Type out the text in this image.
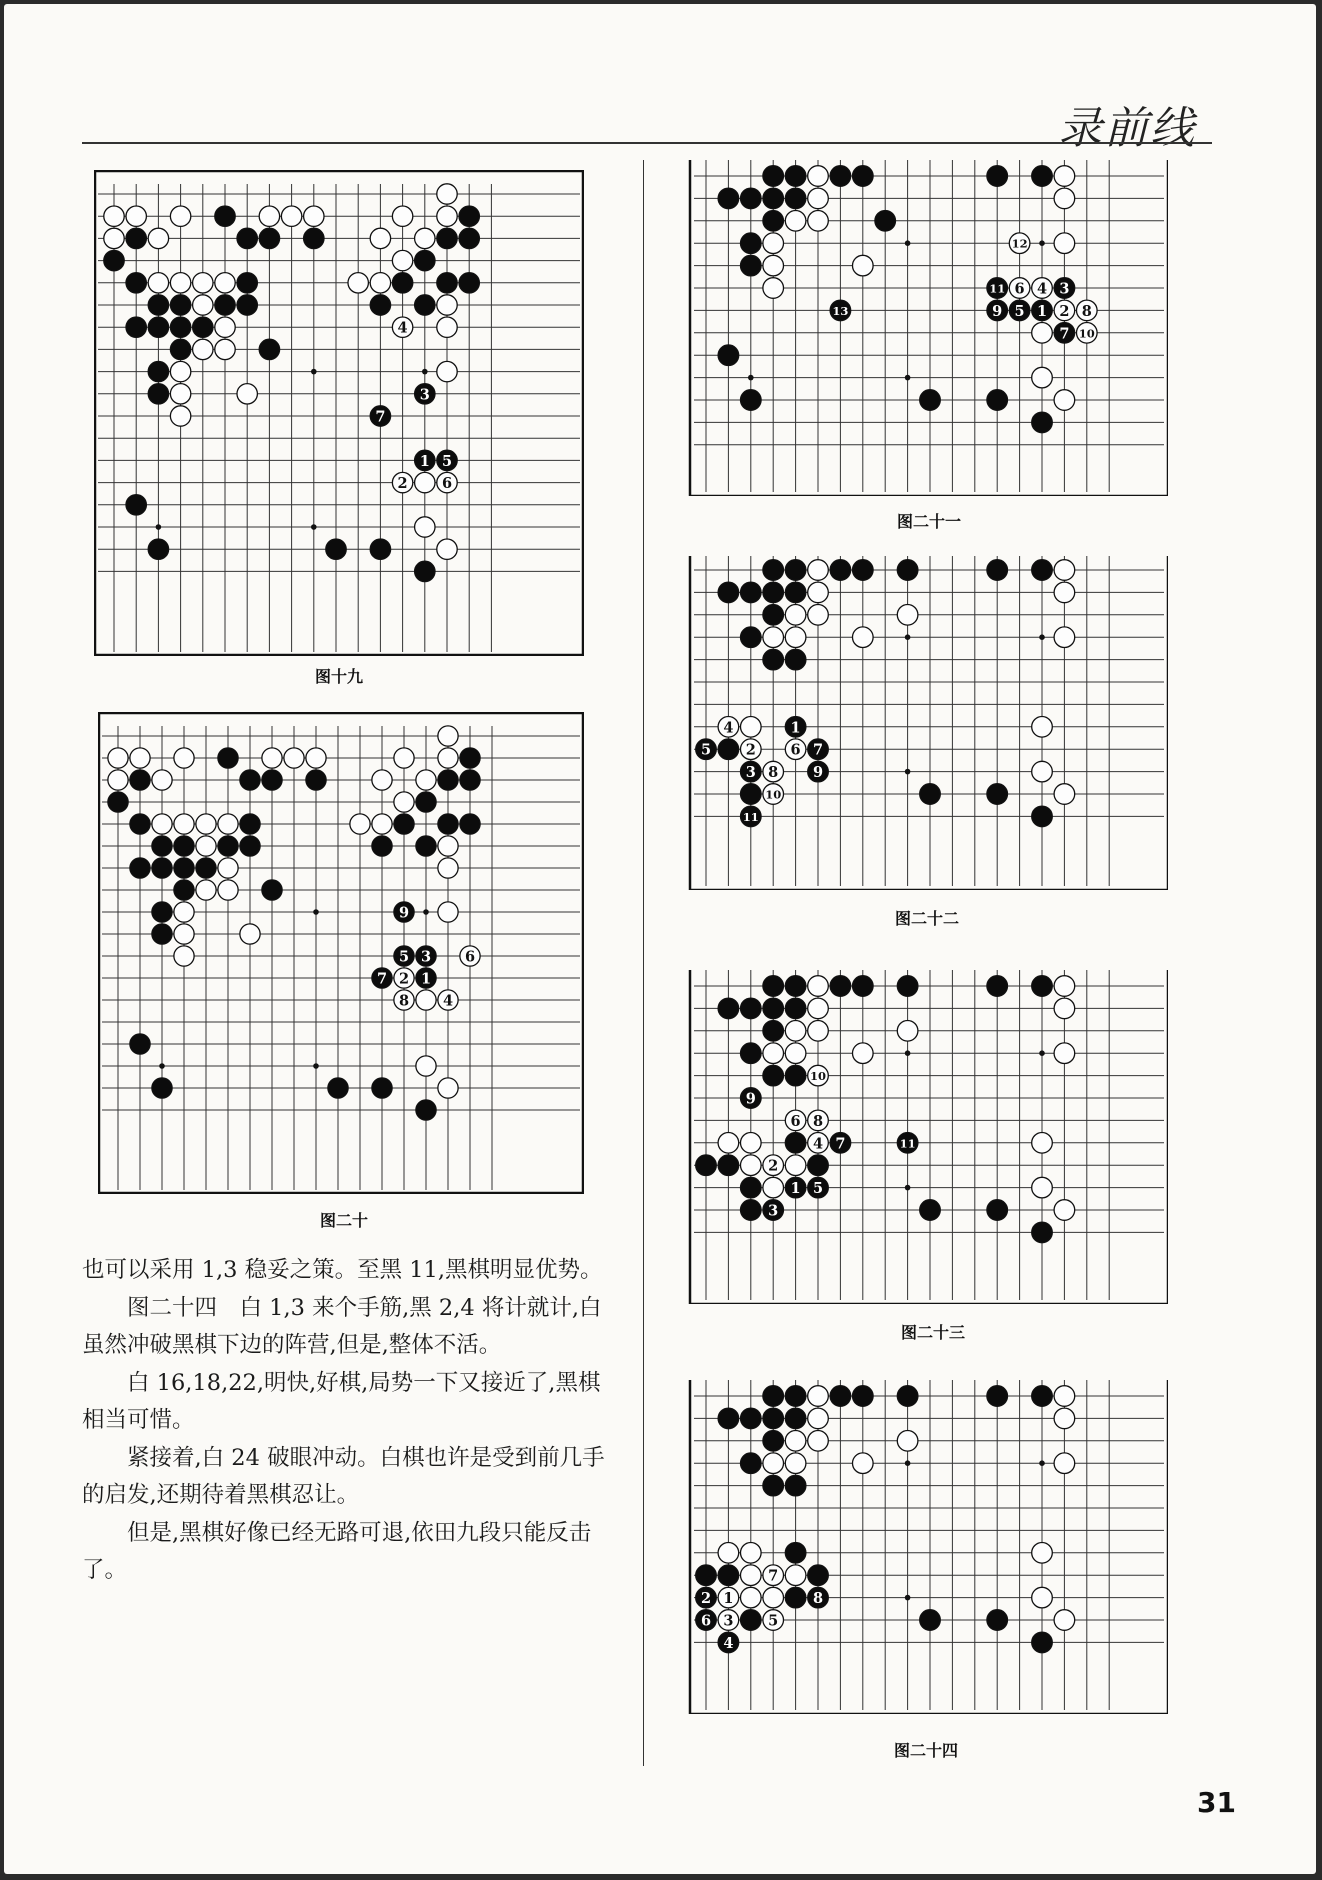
录前线
4
3
7
1 5
2 6
图十九
9
5 3 6
7 2 1
8 4
图二十
12
11 6 4 3
9 5 1 2 8
13
7 10
图二十一
4	1
5 2 6 7
3 8 9
10
11
图二十二
10
9
6 8
4 7	11
2
1 5
3
图二十三
7
2 1	8
6 3 5
4
图二十四

也可以采用 1,3 稳妥之策。至黑 11,黑棋明显优势。

图二十四　白 1,3 来个手筋,黑 2,4 将计就计,白虽然冲破黑棋下边的阵营,但是,整体不活。

白 16,18,22,明快,好棋,局势一下又接近了,黑棋相当可惜。

紧接着,白 24 破眼冲动。白棋也许是受到前几手的启发,还期待着黑棋忍让。

但是,黑棋好像已经无路可退,依田九段只能反击了。

31
